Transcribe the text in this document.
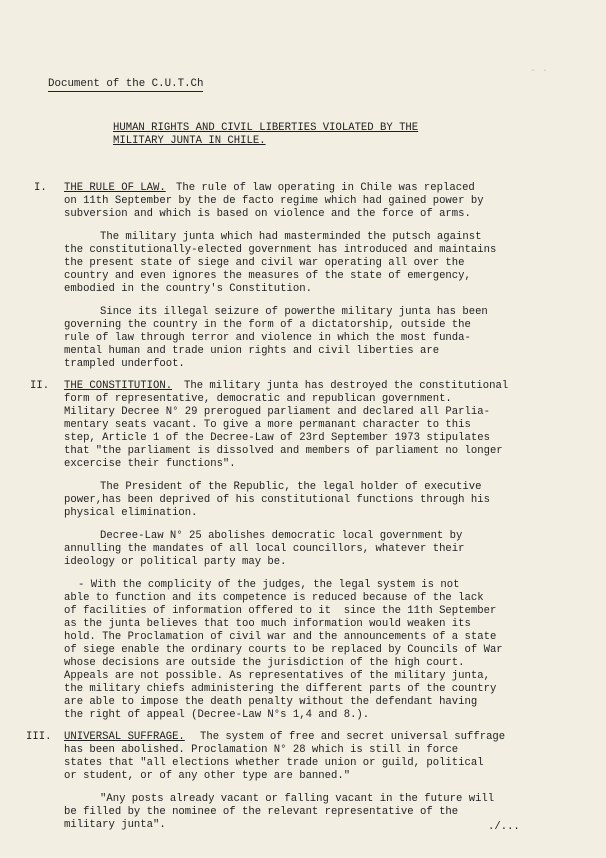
- ·
Document of the C.U.T.Ch
HUMAN RIGHTS AND CIVIL LIBERTIES VIOLATED BY THE
MILITARY JUNTA IN CHILE.
I. THE RULE OF LAW. The rule of law operating in Chile was replaced
on 11th September by the de facto regime which had gained power by
subversion and which is based on violence and the force of arms.
The military junta which had masterminded the putsch against
the constitutionally-elected government has introduced and maintains
the present state of siege and civil war operating all over the
country and even ignores the measures of the state of emergency,
embodied in the country's Constitution.
Since its illegal seizure of powerthe military junta has been
governing the country in the form of a dictatorship, outside the
rule of law through terror and violence in which the most funda-
mental human and trade union rights and civil liberties are
trampled underfoot.
II. THE CONSTITUTION. The military junta has destroyed the constitutional
form of representative, democratic and republican government.
Military Decree N° 29 prerogued parliament and declared all Parlia-
mentary seats vacant. To give a more permanant character to this
step, Article 1 of the Decree-Law of 23rd September 1973 stipulates
that "the parliament is dissolved and members of parliament no longer
excercise their functions".
The President of the Republic, the legal holder of executive
power,has been deprived of his constitutional functions through his
physical elimination.
Decree-Law N° 25 abolishes democratic local government by
annulling the mandates of all local councillors, whatever their
ideology or political party may be.
- With the complicity of the judges, the legal system is not
able to function and its competence is reduced because of the lack
of facilities of information offered to it  since the 11th September
as the junta believes that too much information would weaken its
hold. The Proclamation of civil war and the announcements of a state
of siege enable the ordinary courts to be replaced by Councils of War
whose decisions are outside the jurisdiction of the high court.
Appeals are not possible. As representatives of the military junta,
the military chiefs administering the different parts of the country
are able to impose the death penalty without the defendant having
the right of appeal (Decree-Law N°s 1,4 and 8.).
III. UNIVERSAL SUFFRAGE. The system of free and secret universal suffrage
has been abolished. Proclamation N° 28 which is still in force
states that "all elections whether trade union or guild, political
or student, or of any other type are banned."
"Any posts already vacant or falling vacant in the future will
be filled by the nominee of the relevant representative of the
military junta".	./...
